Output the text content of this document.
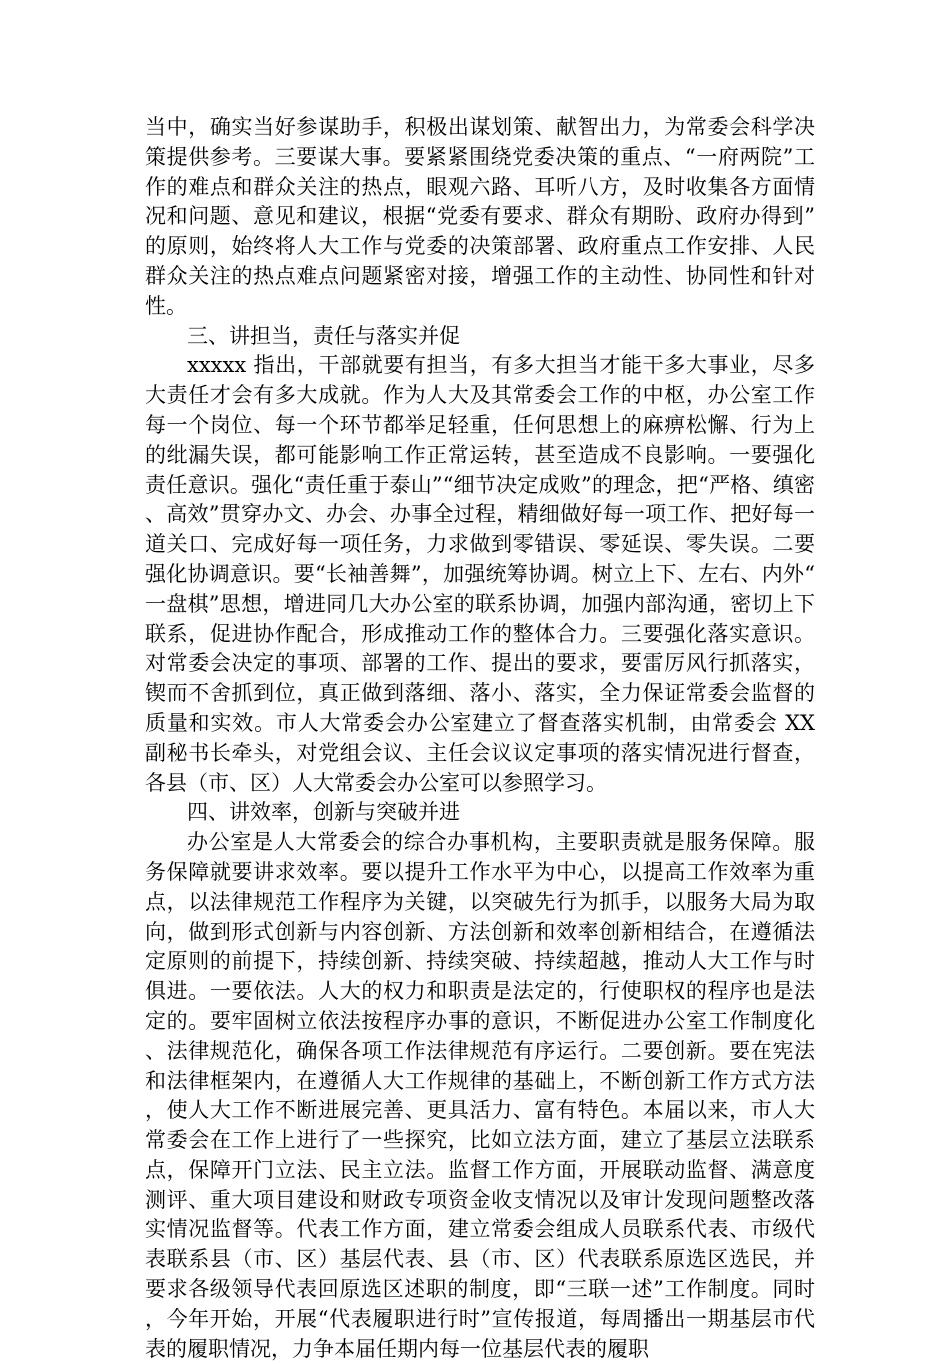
当中，确实当好参谋助手，积极出谋划策、献智出力，为常委会科学决策提供参考。三要谋大事。要紧紧围绕党委决策的重点、“一府两院”工作的难点和群众关注的热点，眼观六路、耳听八方，及时收集各方面情况和问题、意见和建议，根据“党委有要求、群众有期盼、政府办得到”的原则，始终将人大工作与党委的决策部署、政府重点工作安排、人民群众关注的热点难点问题紧密对接，增强工作的主动性、协同性和针对性。

三、讲担当，责任与落实并促

xxxxx 指出，干部就要有担当，有多大担当才能干多大事业，尽多大责任才会有多大成就。作为人大及其常委会工作的中枢，办公室工作每一个岗位、每一个环节都举足轻重，任何思想上的麻痹松懈、行为上的纰漏失误，都可能影响工作正常运转，甚至造成不良影响。一要强化责任意识。强化“责任重于泰山”“细节决定成败”的理念，把“严格、缜密、高效”贯穿办文、办会、办事全过程，精细做好每一项工作、把好每一道关口、完成好每一项任务，力求做到零错误、零延误、零失误。二要强化协调意识。要“长袖善舞”，加强统筹协调。树立上下、左右、内外“一盘棋”思想，增进同几大办公室的联系协调，加强内部沟通，密切上下联系，促进协作配合，形成推动工作的整体合力。三要强化落实意识。对常委会决定的事项、部署的工作、提出的要求，要雷厉风行抓落实，锲而不舍抓到位，真正做到落细、落小、落实，全力保证常委会监督的质量和实效。市人大常委会办公室建立了督查落实机制，由常委会 XX 副秘书长牵头，对党组会议、主任会议议定事项的落实情况进行督查，各县（市、区）人大常委会办公室可以参照学习。

四、讲效率，创新与突破并进

办公室是人大常委会的综合办事机构，主要职责就是服务保障。服务保障就要讲求效率。要以提升工作水平为中心，以提高工作效率为重点，以法律规范工作程序为关键，以突破先行为抓手，以服务大局为取向，做到形式创新与内容创新、方法创新和效率创新相结合，在遵循法定原则的前提下，持续创新、持续突破、持续超越，推动人大工作与时俱进。一要依法。人大的权力和职责是法定的，行使职权的程序也是法定的。要牢固树立依法按程序办事的意识，不断促进办公室工作制度化、法律规范化，确保各项工作法律规范有序运行。二要创新。要在宪法和法律框架内，在遵循人大工作规律的基础上，不断创新工作方式方法，使人大工作不断进展完善、更具活力、富有特色。本届以来，市人大常委会在工作上进行了一些探究，比如立法方面，建立了基层立法联系点，保障开门立法、民主立法。监督工作方面，开展联动监督、满意度测评、重大项目建设和财政专项资金收支情况以及审计发现问题整改落实情况监督等。代表工作方面，建立常委会组成人员联系代表、市级代表联系县（市、区）基层代表、县（市、区）代表联系原选区选民，并要求各级领导代表回原选区述职的制度，即“三联一述”工作制度。同时，今年开始，开展“代表履职进行时”宣传报道，每周播出一期基层市代表的履职情况，力争本届任期内每一位基层代表的履职
